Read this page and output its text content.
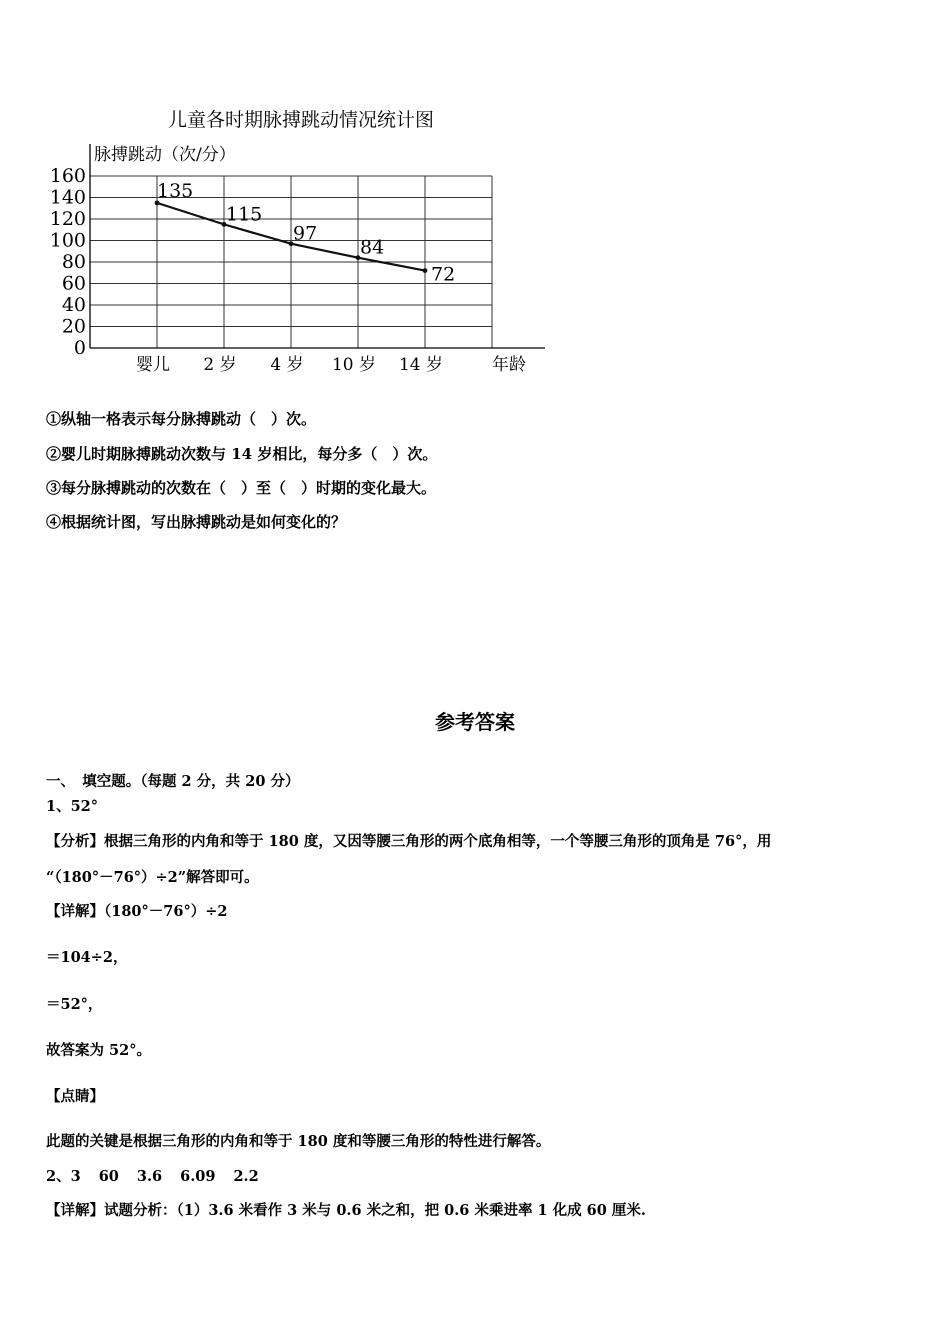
儿童各时期脉搏跳动情况统计图
脉搏跳动（次/分）
年龄
0
20
40
60
80
100
120
140
160
婴儿 2 岁 4 岁 10 岁 14 岁
135
115
97
84
72
①纵轴一格表示每分脉搏跳动（　）次。
②婴儿时期脉搏跳动次数与 14 岁相比，每分多（　）次。
③每分脉搏跳动的次数在（　）至（　）时期的变化最大。
④根据统计图，写出脉搏跳动是如何变化的？
参考答案
一、　填空题。（每题 2 分，共 20 分）
1、52°
【分析】根据三角形的内角和等于 180 度，又因等腰三角形的两个底角相等，一个等腰三角形的顶角是 76°，用
“（180°－76°）÷2”解答即可。
【详解】（180°－76°）÷2
＝104÷2，
＝52°，
故答案为 52°。
【点睛】
此题的关键是根据三角形的内角和等于 180 度和等腰三角形的特性进行解答。
2、3 60 3.6 6.09 2.2
【详解】试题分析：（1）3.6 米看作 3 米与 0.6 米之和，把 0.6 米乘进率 1 化成 60 厘米.
